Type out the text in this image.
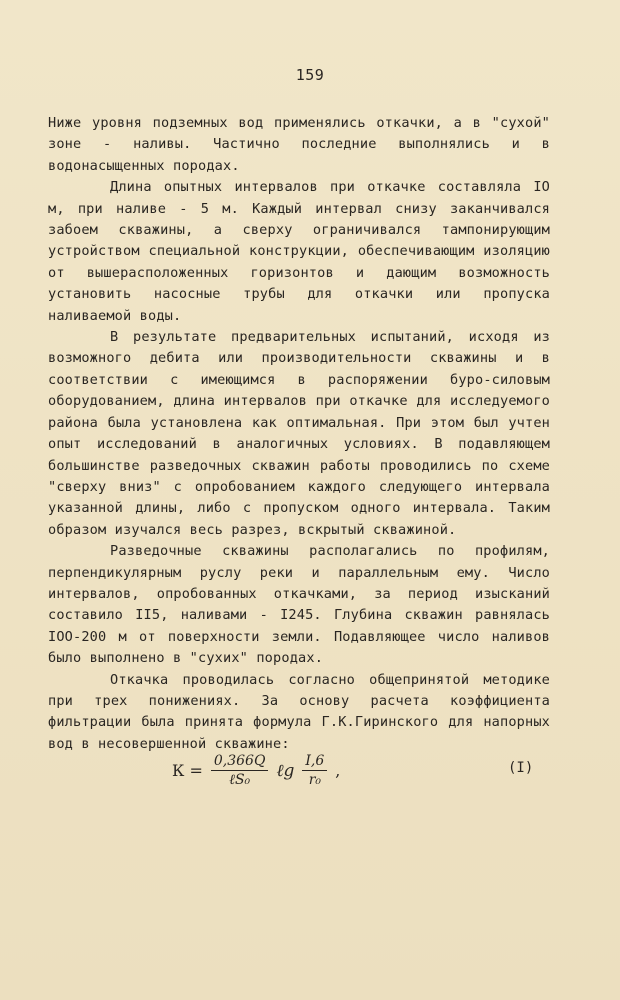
159

Ниже уровня подземных вод применялись откачки, а в "сухой" зоне - наливы. Частично последние выполнялись и в водонасыщенных породах.

Длина опытных интервалов при откачке составляла IO м, при наливе - 5 м. Каждый интервал снизу заканчивался забоем скважины, а сверху ограничивался тампонирующим устройством специальной конструкции, обеспечивающим изоляцию от вышерасположенных горизонтов и дающим возможность установить насосные трубы для откачки или пропуска наливаемой воды.

В результате предварительных испытаний, исходя из возможного дебита или производительности скважины и в соответствии с имеющимся в распоряжении буро-силовым оборудованием, длина интервалов при откачке для исследуемого района была установлена как оптимальная. При этом был учтен опыт исследований в аналогичных условиях. В подавляющем большинстве разведочных скважин работы проводились по схеме "сверху вниз" с опробованием каждого следующего интервала указанной длины, либо с пропуском одного интервала. Таким образом изучался весь разрез, вскрытый скважиной.

Разведочные скважины располагались по профилям, перпендикулярным руслу реки и параллельным ему. Число интервалов, опробованных откачками, за период изысканий составило II5, наливами - I245. Глубина скважин равнялась IOO-200 м от поверхности земли. Подавляющее число наливов было выполнено в "сухих" породах.

Откачка проводилась согласно общепринятой методике при трех понижениях. За основу расчета коэффициента фильтрации была принята формула Г.К.Гиринского для напорных вод в несовершенной скважине:

$К = \frac{0,366Q}{\text{ℓS₀}}$ ℓg $\frac{I,6}{\text{r₀}}$ ,	(I)
